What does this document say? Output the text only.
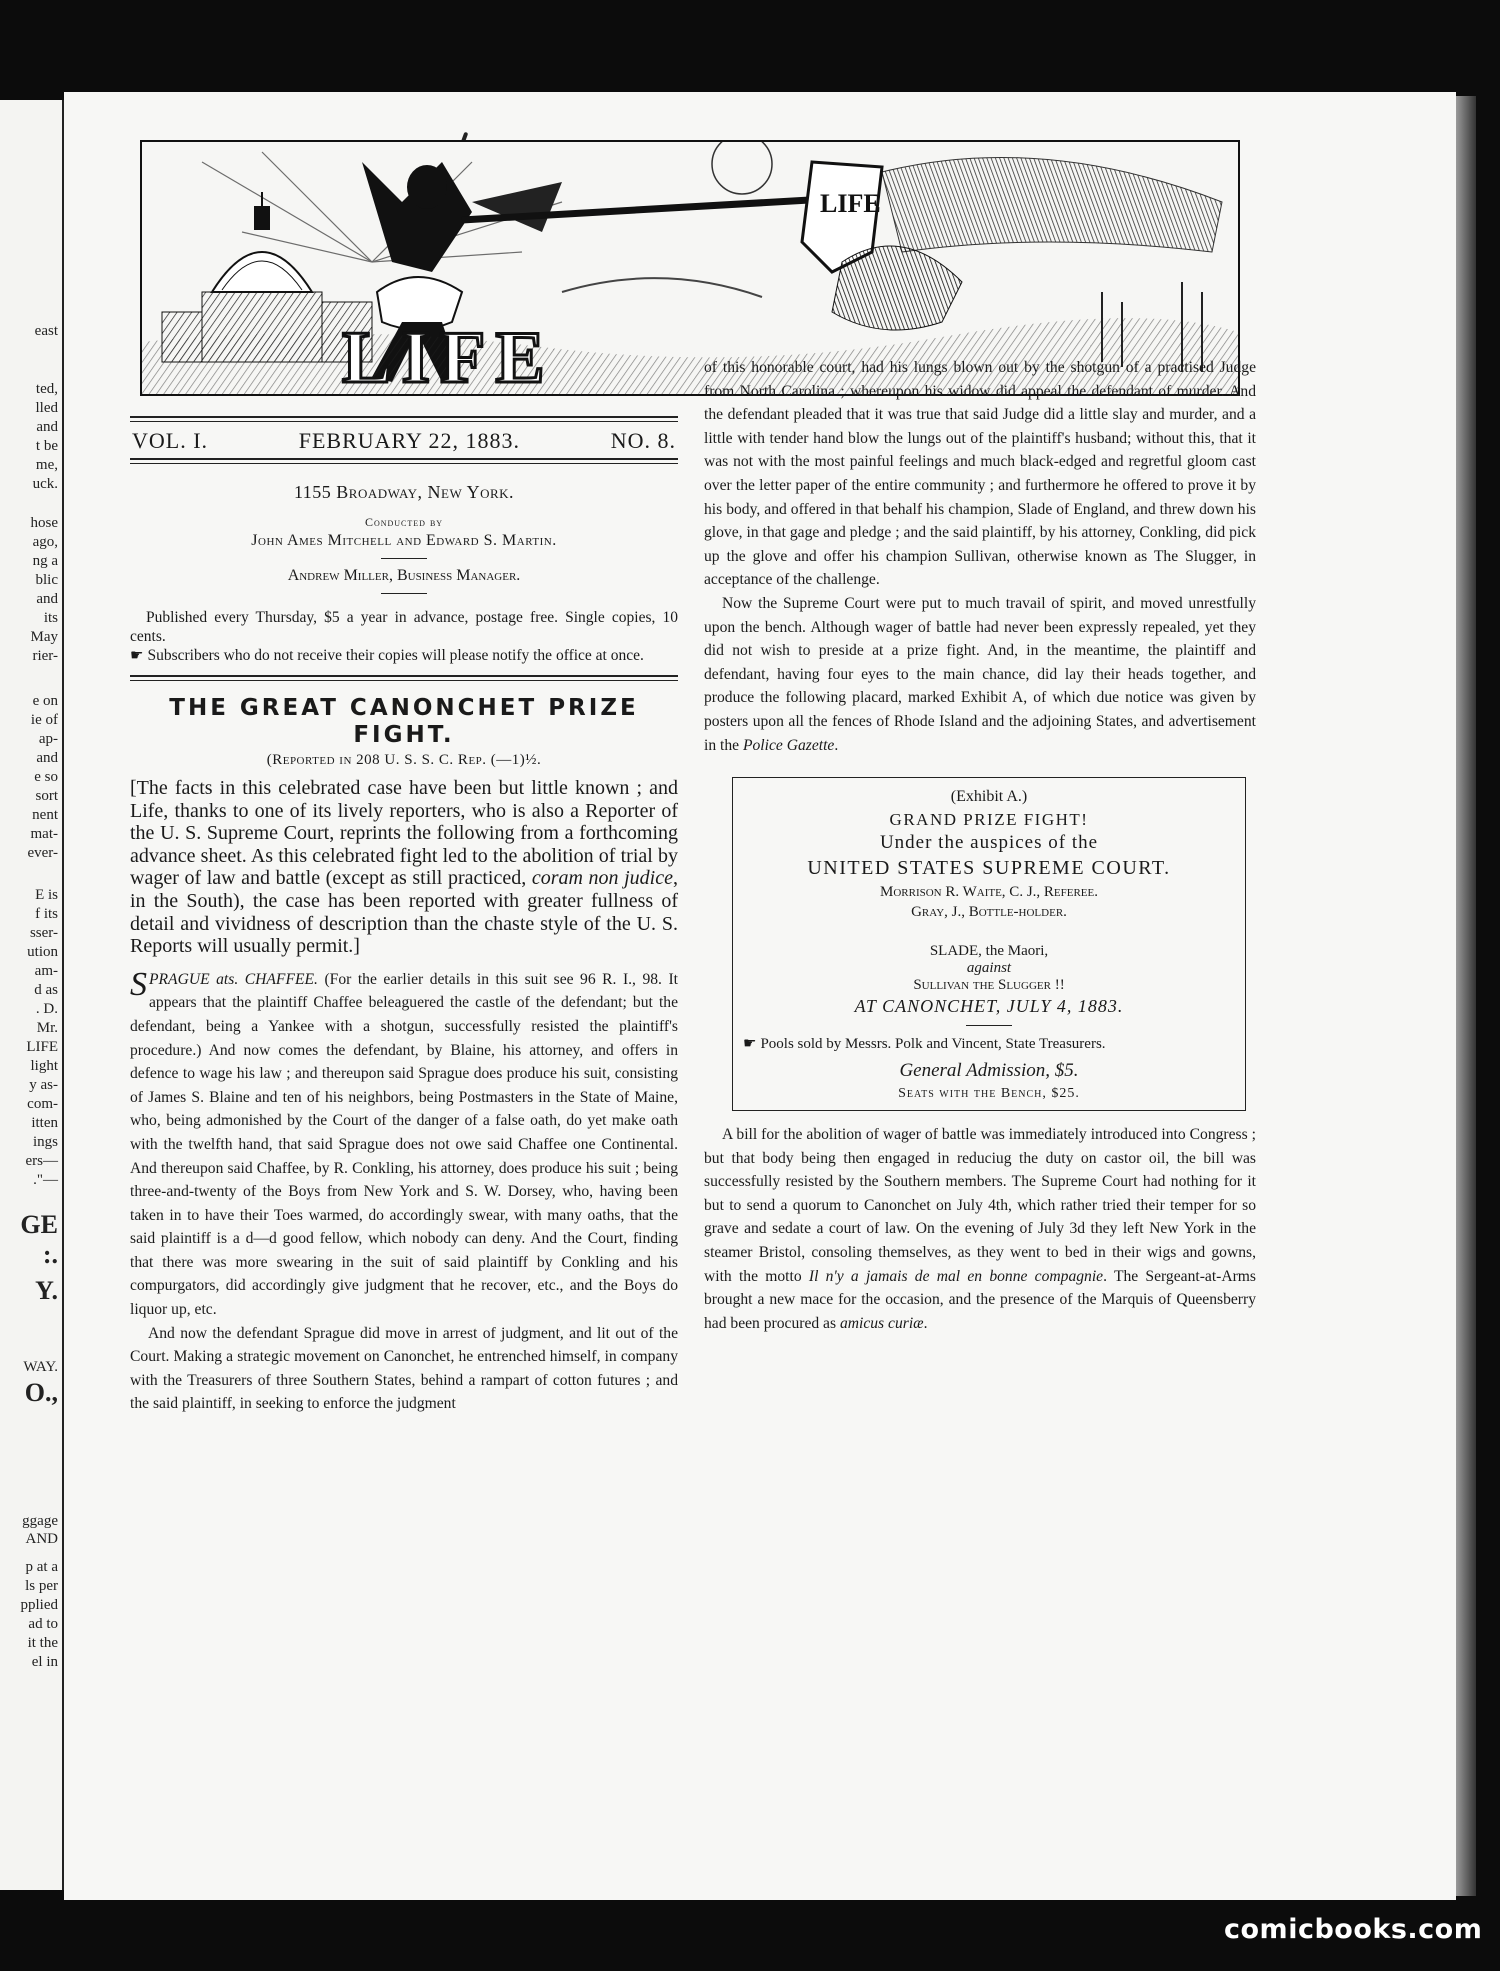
east
ted,
lled
and
t be
me,
uck.
hose
ago,
ng a
blic
and
its
May
rier-
e on
ie of
ap-
and
e so
sort
nent
mat-
ever-
E is
f its
sser-
ution
am-
d as
. D.
Mr.
LIFE
light
y as-
com-
itten
ings
ers—
."—
GE
:.
Y.
WAY.
O.,
ggage
AND
p at a
ls per
pplied
ad to
it the
el in
LIFE
LIFE
VOL. I.	FEBRUARY 22, 1883.	NO. 8.
1155 Broadway, New York.
Conducted by
John Ames Mitchell and Edward S. Martin.
Andrew Miller, Business Manager.

Published every Thursday, $5 a year in advance, postage free. Single copies, 10 cents.

☛ Subscribers who do not receive their copies will please notify the office at once.

THE GREAT CANONCHET PRIZE FIGHT.
(Reported in 208 U. S. S. C. Rep. (—1)½.

[The facts in this celebrated case have been but little known ; and Life, thanks to one of its lively reporters, who is also a Reporter of the U. S. Supreme Court, reprints the following from a forthcoming advance sheet. As this celebrated fight led to the abolition of trial by wager of law and battle (except as still practiced, coram non judice, in the South), the case has been reported with greater fullness of detail and vividness of description than the chaste style of the U. S. Reports will usually permit.]

SPRAGUE ats. CHAFFEE. (For the earlier details in this suit see 96 R. I., 98. It appears that the plaintiff Chaffee beleaguered the castle of the defendant; but the defendant, being a Yankee with a shotgun, successfully resisted the plaintiff's procedure.) And now comes the defendant, by Blaine, his attorney, and offers in defence to wage his law ; and thereupon said Sprague does produce his suit, consisting of James S. Blaine and ten of his neighbors, being Postmasters in the State of Maine, who, being admonished by the Court of the danger of a false oath, do yet make oath with the twelfth hand, that said Sprague does not owe said Chaffee one Continental. And thereupon said Chaffee, by R. Conkling, his attorney, does produce his suit ; being three-and-twenty of the Boys from New York and S. W. Dorsey, who, having been taken in to have their Toes warmed, do accordingly swear, with many oaths, that the said plaintiff is a d—d good fellow, which nobody can deny. And the Court, finding that there was more swearing in the suit of said plaintiff by Conkling and his compurgators, did accordingly give judgment that he recover, etc., and the Boys do liquor up, etc.

And now the defendant Sprague did move in arrest of judgment, and lit out of the Court. Making a strategic movement on Canonchet, he entrenched himself, in company with the Treasurers of three Southern States, behind a rampart of cotton futures ; and the said plaintiff, in seeking to enforce the judgment

of this honorable court, had his lungs blown out by the shotgun of a practised Judge from North Carolina ; whereupon his widow did appeal the defendant of murder. And the defendant pleaded that it was true that said Judge did a little slay and murder, and a little with tender hand blow the lungs out of the plaintiff's husband; without this, that it was not with the most painful feelings and much black-edged and regretful gloom cast over the letter paper of the entire community ; and furthermore he offered to prove it by his body, and offered in that behalf his champion, Slade of England, and threw down his glove, in that gage and pledge ; and the said plaintiff, by his attorney, Conkling, did pick up the glove and offer his champion Sullivan, otherwise known as The Slugger, in acceptance of the challenge.

Now the Supreme Court were put to much travail of spirit, and moved unrestfully upon the bench. Although wager of battle had never been expressly repealed, yet they did not wish to preside at a prize fight. And, in the meantime, the plaintiff and defendant, having four eyes to the main chance, did lay their heads together, and produce the following placard, marked Exhibit A, of which due notice was given by posters upon all the fences of Rhode Island and the adjoining States, and advertisement in the Police Gazette.

(Exhibit A.)
GRAND PRIZE FIGHT!
Under the auspices of the
UNITED STATES SUPREME COURT.
Morrison R. Waite, C. J., Referee.
Gray, J., Bottle-holder.
SLADE, the Maori,
against
Sullivan the Slugger !!
AT CANONCHET, JULY 4, 1883.
☛ Pools sold by Messrs. Polk and Vincent, State Treasurers.
General Admission, $5.
Seats with the Bench, $25.

A bill for the abolition of wager of battle was immediately introduced into Congress ; but that body being then engaged in reduciug the duty on castor oil, the bill was successfully resisted by the Southern members. The Supreme Court had nothing for it but to send a quorum to Canonchet on July 4th, which rather tried their temper for so grave and sedate a court of law. On the evening of July 3d they left New York in the steamer Bristol, consoling themselves, as they went to bed in their wigs and gowns, with the motto Il n'y a jamais de mal en bonne compagnie. The Sergeant-at-Arms brought a new mace for the occasion, and the presence of the Marquis of Queensberry had been procured as amicus curiæ.

comicbooks.com
